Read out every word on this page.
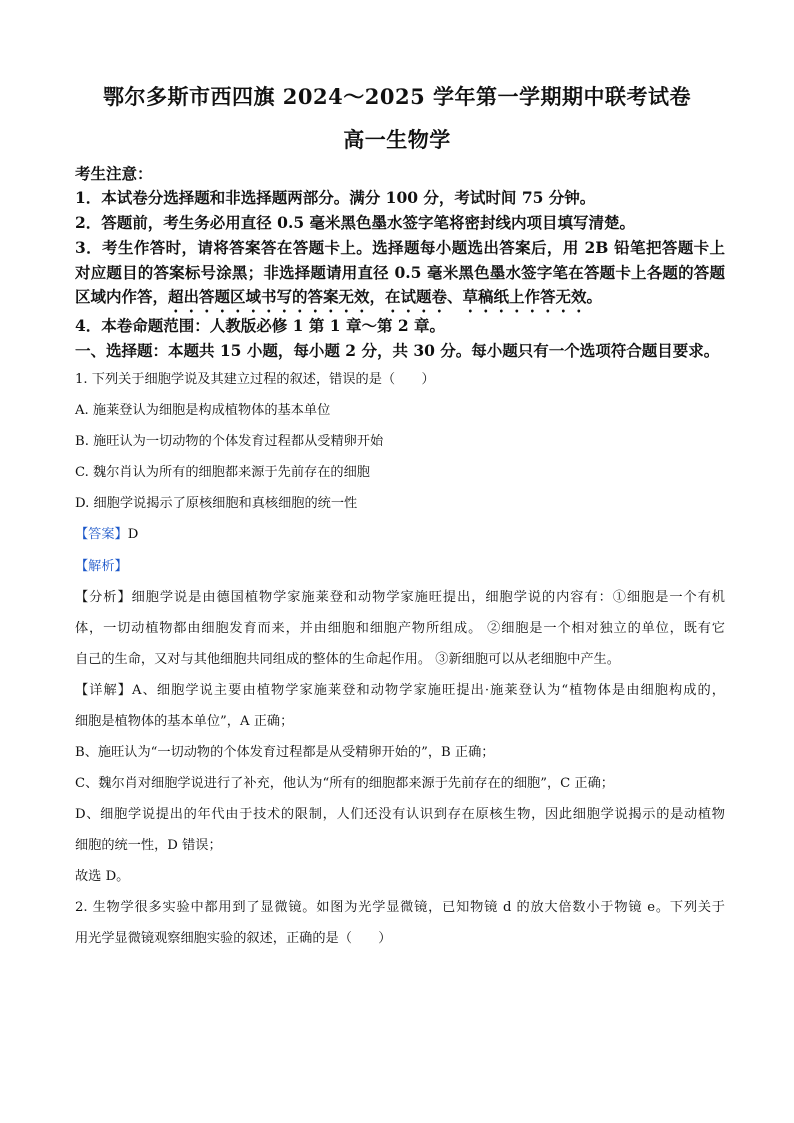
鄂尔多斯市西四旗 2024～2025 学年第一学期期中联考试卷
高一生物学
考生注意：
1．本试卷分选择题和非选择题两部分。满分 100 分，考试时间 75 分钟。
2．答题前，考生务必用直径 0.5 毫米黑色墨水签字笔将密封线内项目填写清楚。
3．考生作答时，请将答案答在答题卡上。选择题每小题选出答案后，用 2B 铅笔把答题卡上
对应题目的答案标号涂黑；非选择题请用直径 0.5 毫米黑色墨水签字笔在答题卡上各题的答题
区域内作答，超出答题区域书写的答案无效，在试题卷、草稿纸上作答无效。
4．本卷命题范围：人教版必修 1 第 1 章～第 2 章。
一、选择题：本题共 15 小题，每小题 2 分，共 30 分。每小题只有一个选项符合题目要求。
1. 下列关于细胞学说及其建立过程的叙述，错误的是（　　）
A. 施莱登认为细胞是构成植物体的基本单位
B. 施旺认为一切动物的个体发育过程都从受精卵开始
C. 魏尔肖认为所有的细胞都来源于先前存在的细胞
D. 细胞学说揭示了原核细胞和真核细胞的统一性
【答案】D
【解析】
【分析】细胞学说是由德国植物学家施莱登和动物学家施旺提出，细胞学说的内容有：①细胞是一个有机
体，一切动植物都由细胞发育而来，并由细胞和细胞产物所组成。 ②细胞是一个相对独立的单位，既有它
自己的生命，又对与其他细胞共同组成的整体的生命起作用。 ③新细胞可以从老细胞中产生。
【详解】A、细胞学说主要由植物学家施莱登和动物学家施旺提出·施莱登认为“植物体是由细胞构成的，
细胞是植物体的基本单位”，A 正确；
B、施旺认为“一切动物的个体发育过程都是从受精卵开始的”，B 正确；
C、魏尔肖对细胞学说进行了补充，他认为“所有的细胞都来源于先前存在的细胞”，C 正确；
D、细胞学说提出的年代由于技术的限制，人们还没有认识到存在原核生物，因此细胞学说揭示的是动植物
细胞的统一性，D 错误；
故选 D。
2. 生物学很多实验中都用到了显微镜。如图为光学显微镜，已知物镜 d 的放大倍数小于物镜 e。下列关于
用光学显微镜观察细胞实验的叙述，正确的是（　　）
